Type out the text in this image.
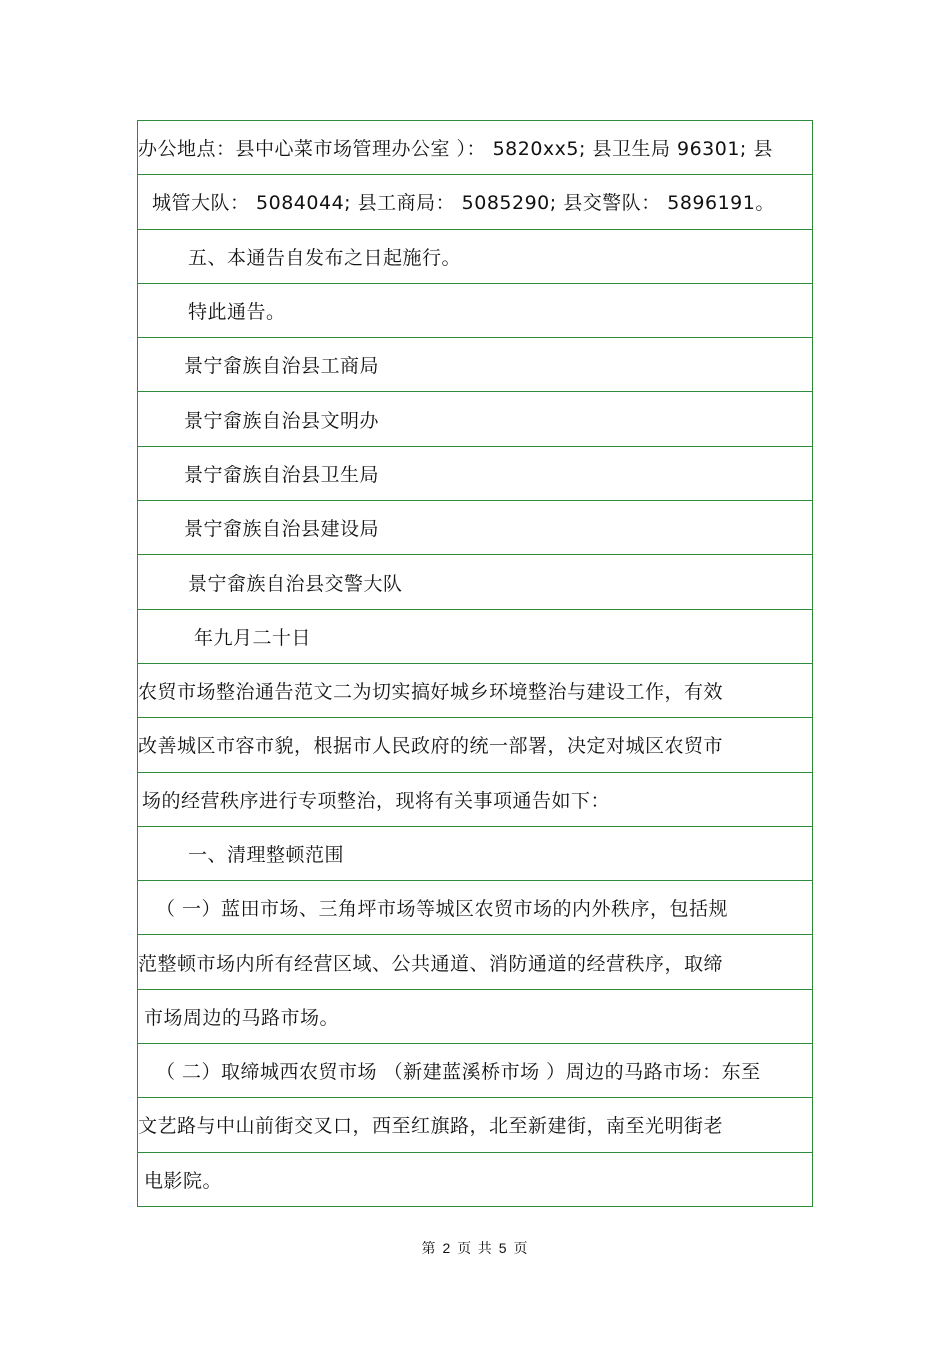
办公地点：县中心菜市场管理办公室 ）： 5820xx5; 县卫生局 96301; 县
城管大队： 5084044; 县工商局： 5085290; 县交警队： 5896191。
五、本通告自发布之日起施行。
特此通告。
景宁畲族自治县工商局
景宁畲族自治县文明办
景宁畲族自治县卫生局
景宁畲族自治县建设局
景宁畲族自治县交警大队
年九月二十日
农贸市场整治通告范文二为切实搞好城乡环境整治与建设工作，有效
改善城区市容市貌，根据市人民政府的统一部署，决定对城区农贸市
场的经营秩序进行专项整治，现将有关事项通告如下：
一、清理整顿范围
（ 一）蓝田市场、三角坪市场等城区农贸市场的内外秩序，包括规
范整顿市场内所有经营区域、公共通道、消防通道的经营秩序，取缔
市场周边的马路市场。
（ 二）取缔城西农贸市场 （新建蓝溪桥市场 ）周边的马路市场：东至
文艺路与中山前街交叉口，西至红旗路，北至新建街，南至光明街老
电影院。
第 2 页 共 5 页
